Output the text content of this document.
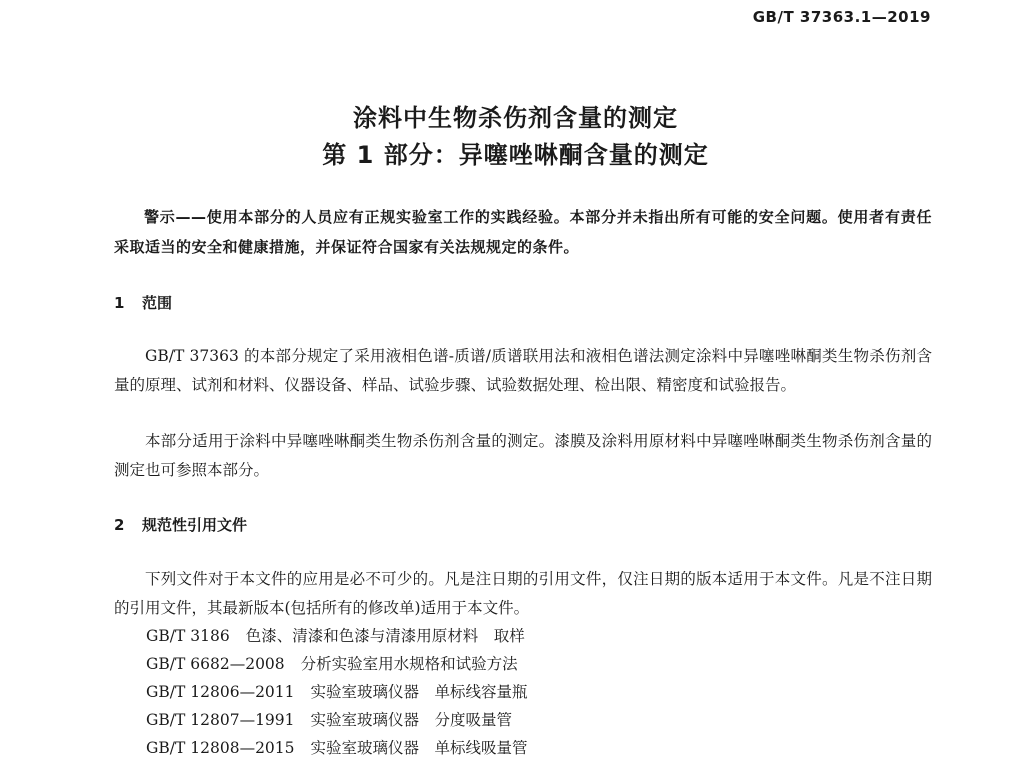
GB/T 37363.1—2019
涂料中生物杀伤剂含量的测定
第 1 部分：异噻唑啉酮含量的测定

警示——使用本部分的人员应有正规实验室工作的实践经验。本部分并未指出所有可能的安全问题。使用者有责任采取适当的安全和健康措施，并保证符合国家有关法规规定的条件。

1 范围

GB/T 37363 的本部分规定了采用液相色谱-质谱/质谱联用法和液相色谱法测定涂料中异噻唑啉酮类生物杀伤剂含量的原理、试剂和材料、仪器设备、样品、试验步骤、试验数据处理、检出限、精密度和试验报告。

本部分适用于涂料中异噻唑啉酮类生物杀伤剂含量的测定。漆膜及涂料用原材料中异噻唑啉酮类生物杀伤剂含量的测定也可参照本部分。

2 规范性引用文件

下列文件对于本文件的应用是必不可少的。凡是注日期的引用文件，仅注日期的版本适用于本文件。凡是不注日期的引用文件，其最新版本(包括所有的修改单)适用于本文件。

GB/T 3186 色漆、清漆和色漆与清漆用原材料　取样
GB/T 6682—2008 分析实验室用水规格和试验方法
GB/T 12806—2011 实验室玻璃仪器　单标线容量瓶
GB/T 12807—1991 实验室玻璃仪器　分度吸量管
GB/T 12808—2015 实验室玻璃仪器　单标线吸量管
